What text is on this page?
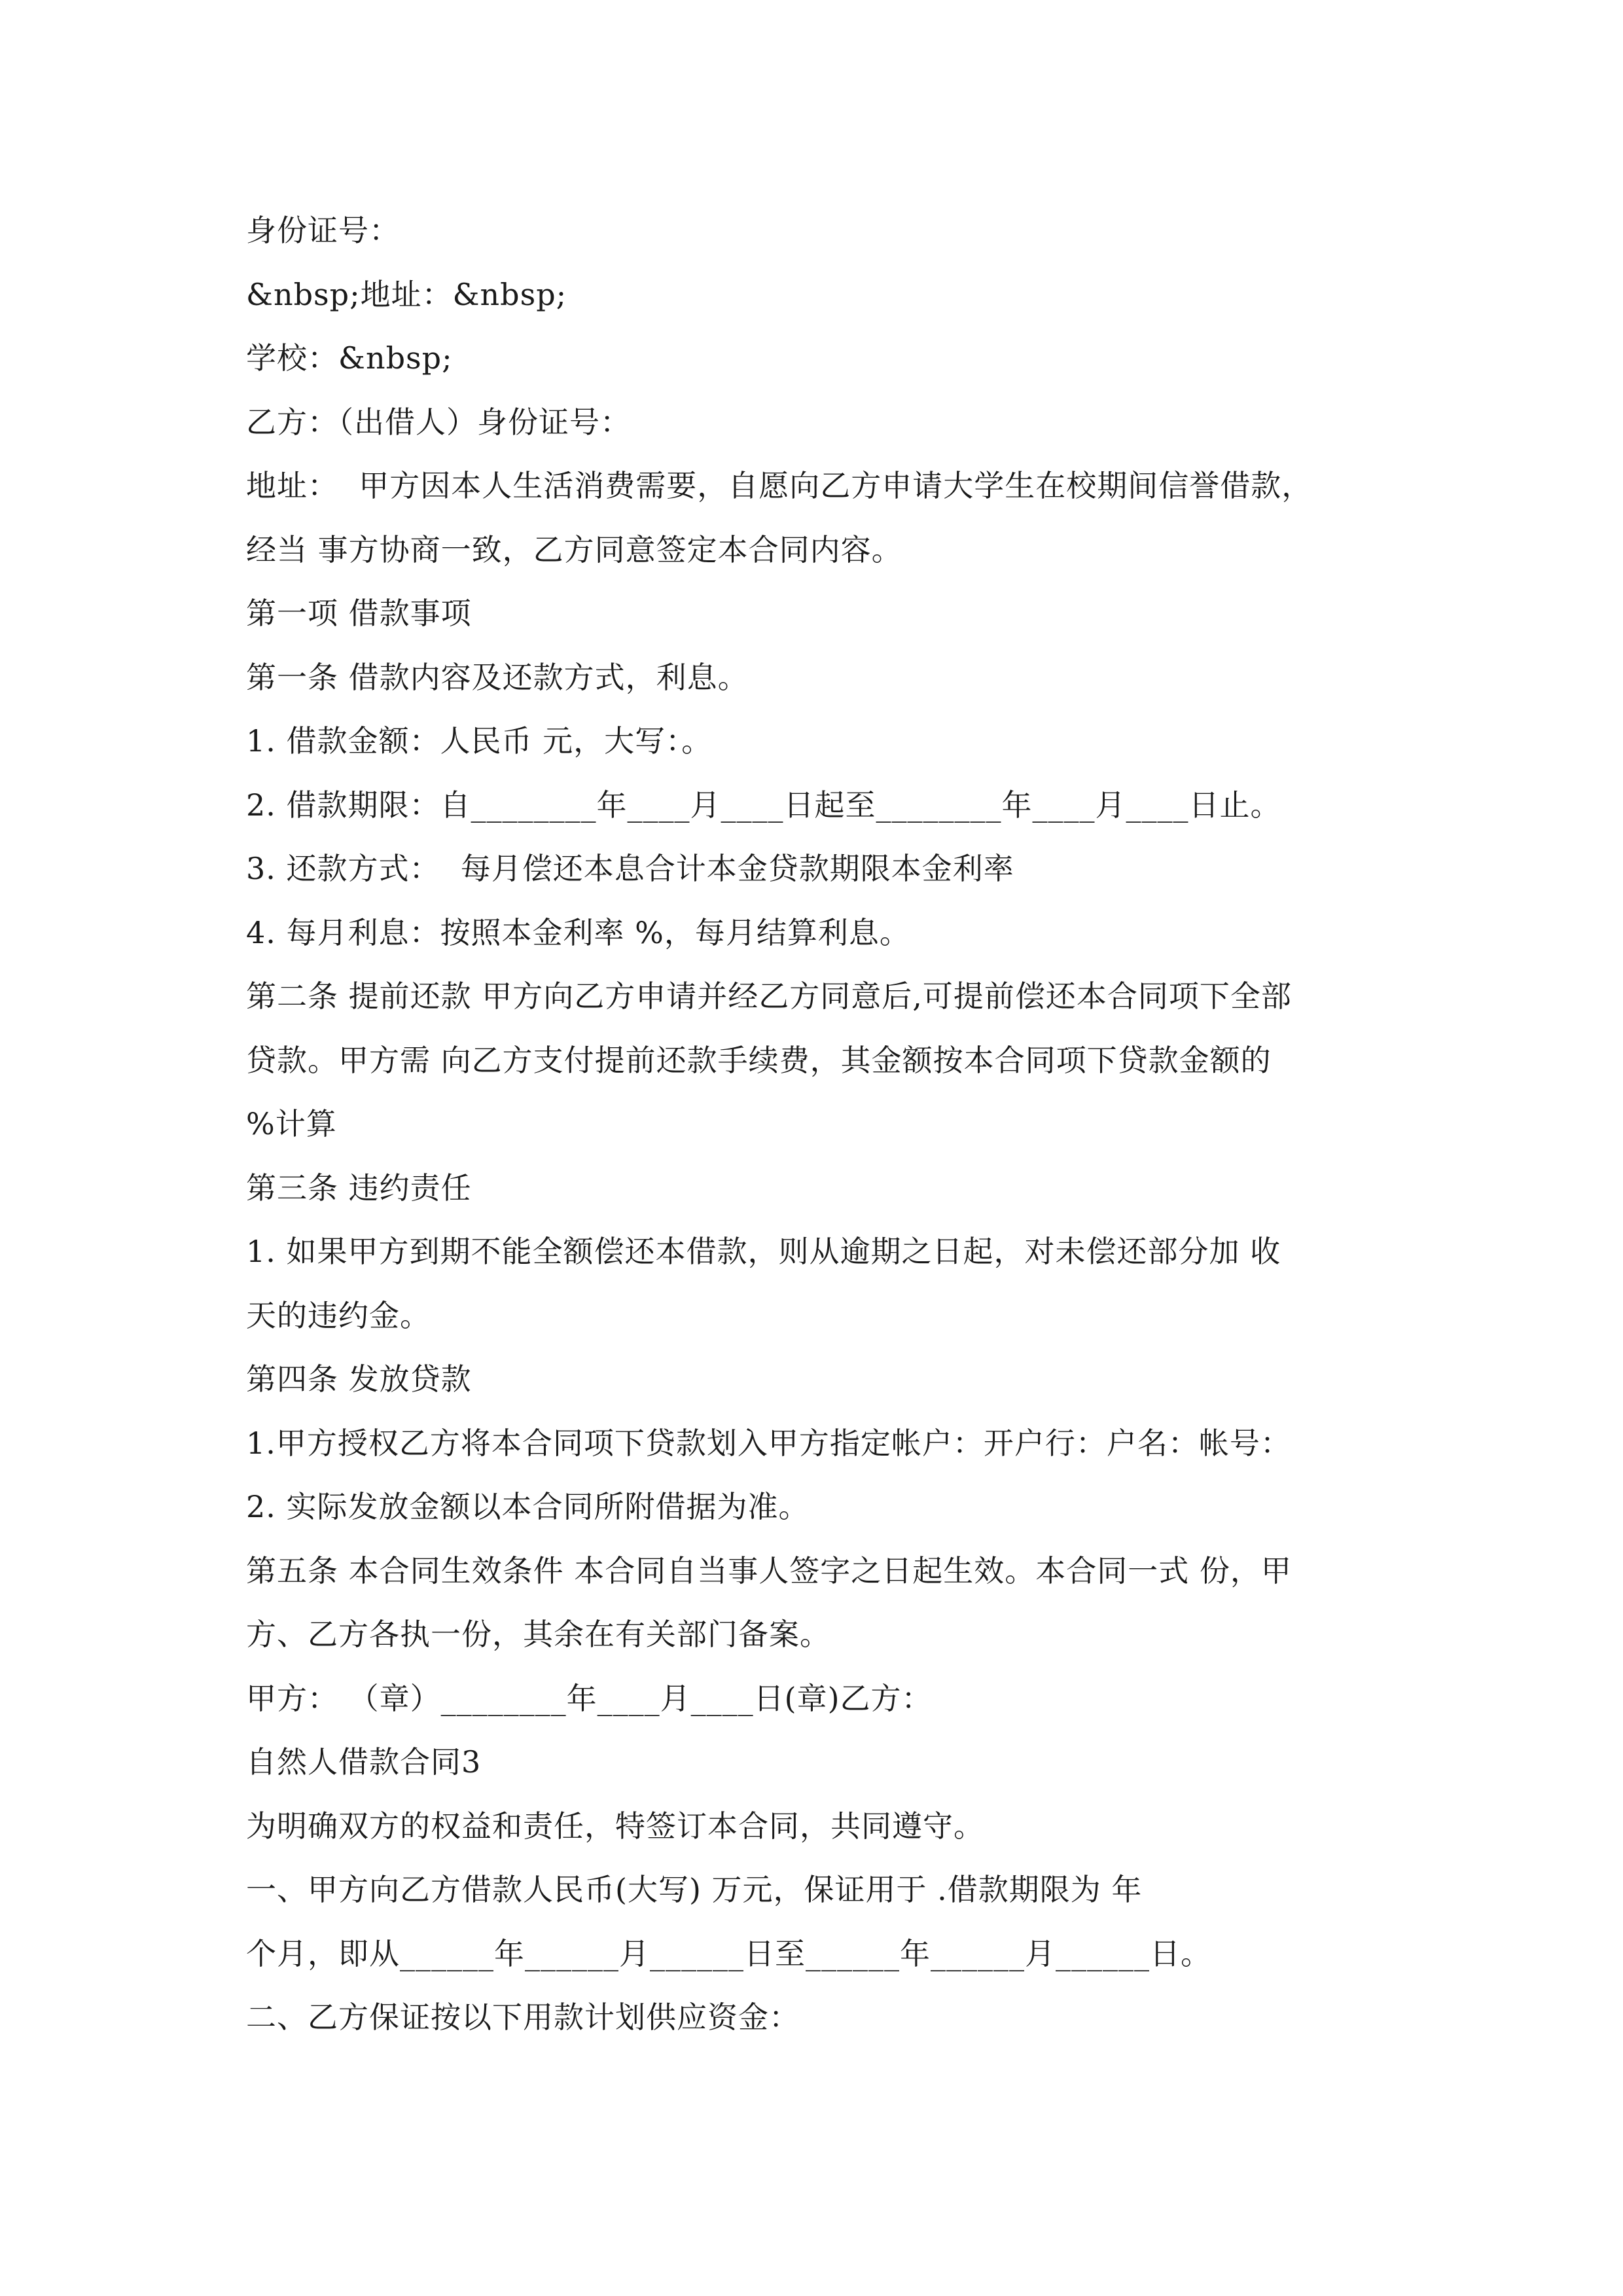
身份证号：
&nbsp;地址：&nbsp;
学校：&nbsp;
乙方：（出借人）身份证号：
地址：  甲方因本人生活消费需要，自愿向乙方申请大学生在校期间信誉借款，
经当 事方协商一致，乙方同意签定本合同内容。
第一项 借款事项
第一条 借款内容及还款方式，利息。
1. 借款金额：人民币 元，大写：。
2. 借款期限：自________年____月____日起至________年____月____日止。
3. 还款方式：  每月偿还本息合计本金贷款期限本金利率
4. 每月利息：按照本金利率 %，每月结算利息。
第二条 提前还款 甲方向乙方申请并经乙方同意后,可提前偿还本合同项下全部
贷款。甲方需 向乙方支付提前还款手续费，其金额按本合同项下贷款金额的
%计算
第三条 违约责任
1. 如果甲方到期不能全额偿还本借款，则从逾期之日起，对未偿还部分加 收
天的违约金。
第四条 发放贷款
1.甲方授权乙方将本合同项下贷款划入甲方指定帐户：开户行：户名：帐号：
2. 实际发放金额以本合同所附借据为准。
第五条 本合同生效条件 本合同自当事人签字之日起生效。本合同一式 份，甲
方、乙方各执一份，其余在有关部门备案。
甲方： （章）________年____月____日(章)乙方：
自然人借款合同3
为明确双方的权益和责任，特签订本合同，共同遵守。
一、甲方向乙方借款人民币(大写) 万元，保证用于 .借款期限为 年
个月，即从______年______月______日至______年______月______日。
二、乙方保证按以下用款计划供应资金：
